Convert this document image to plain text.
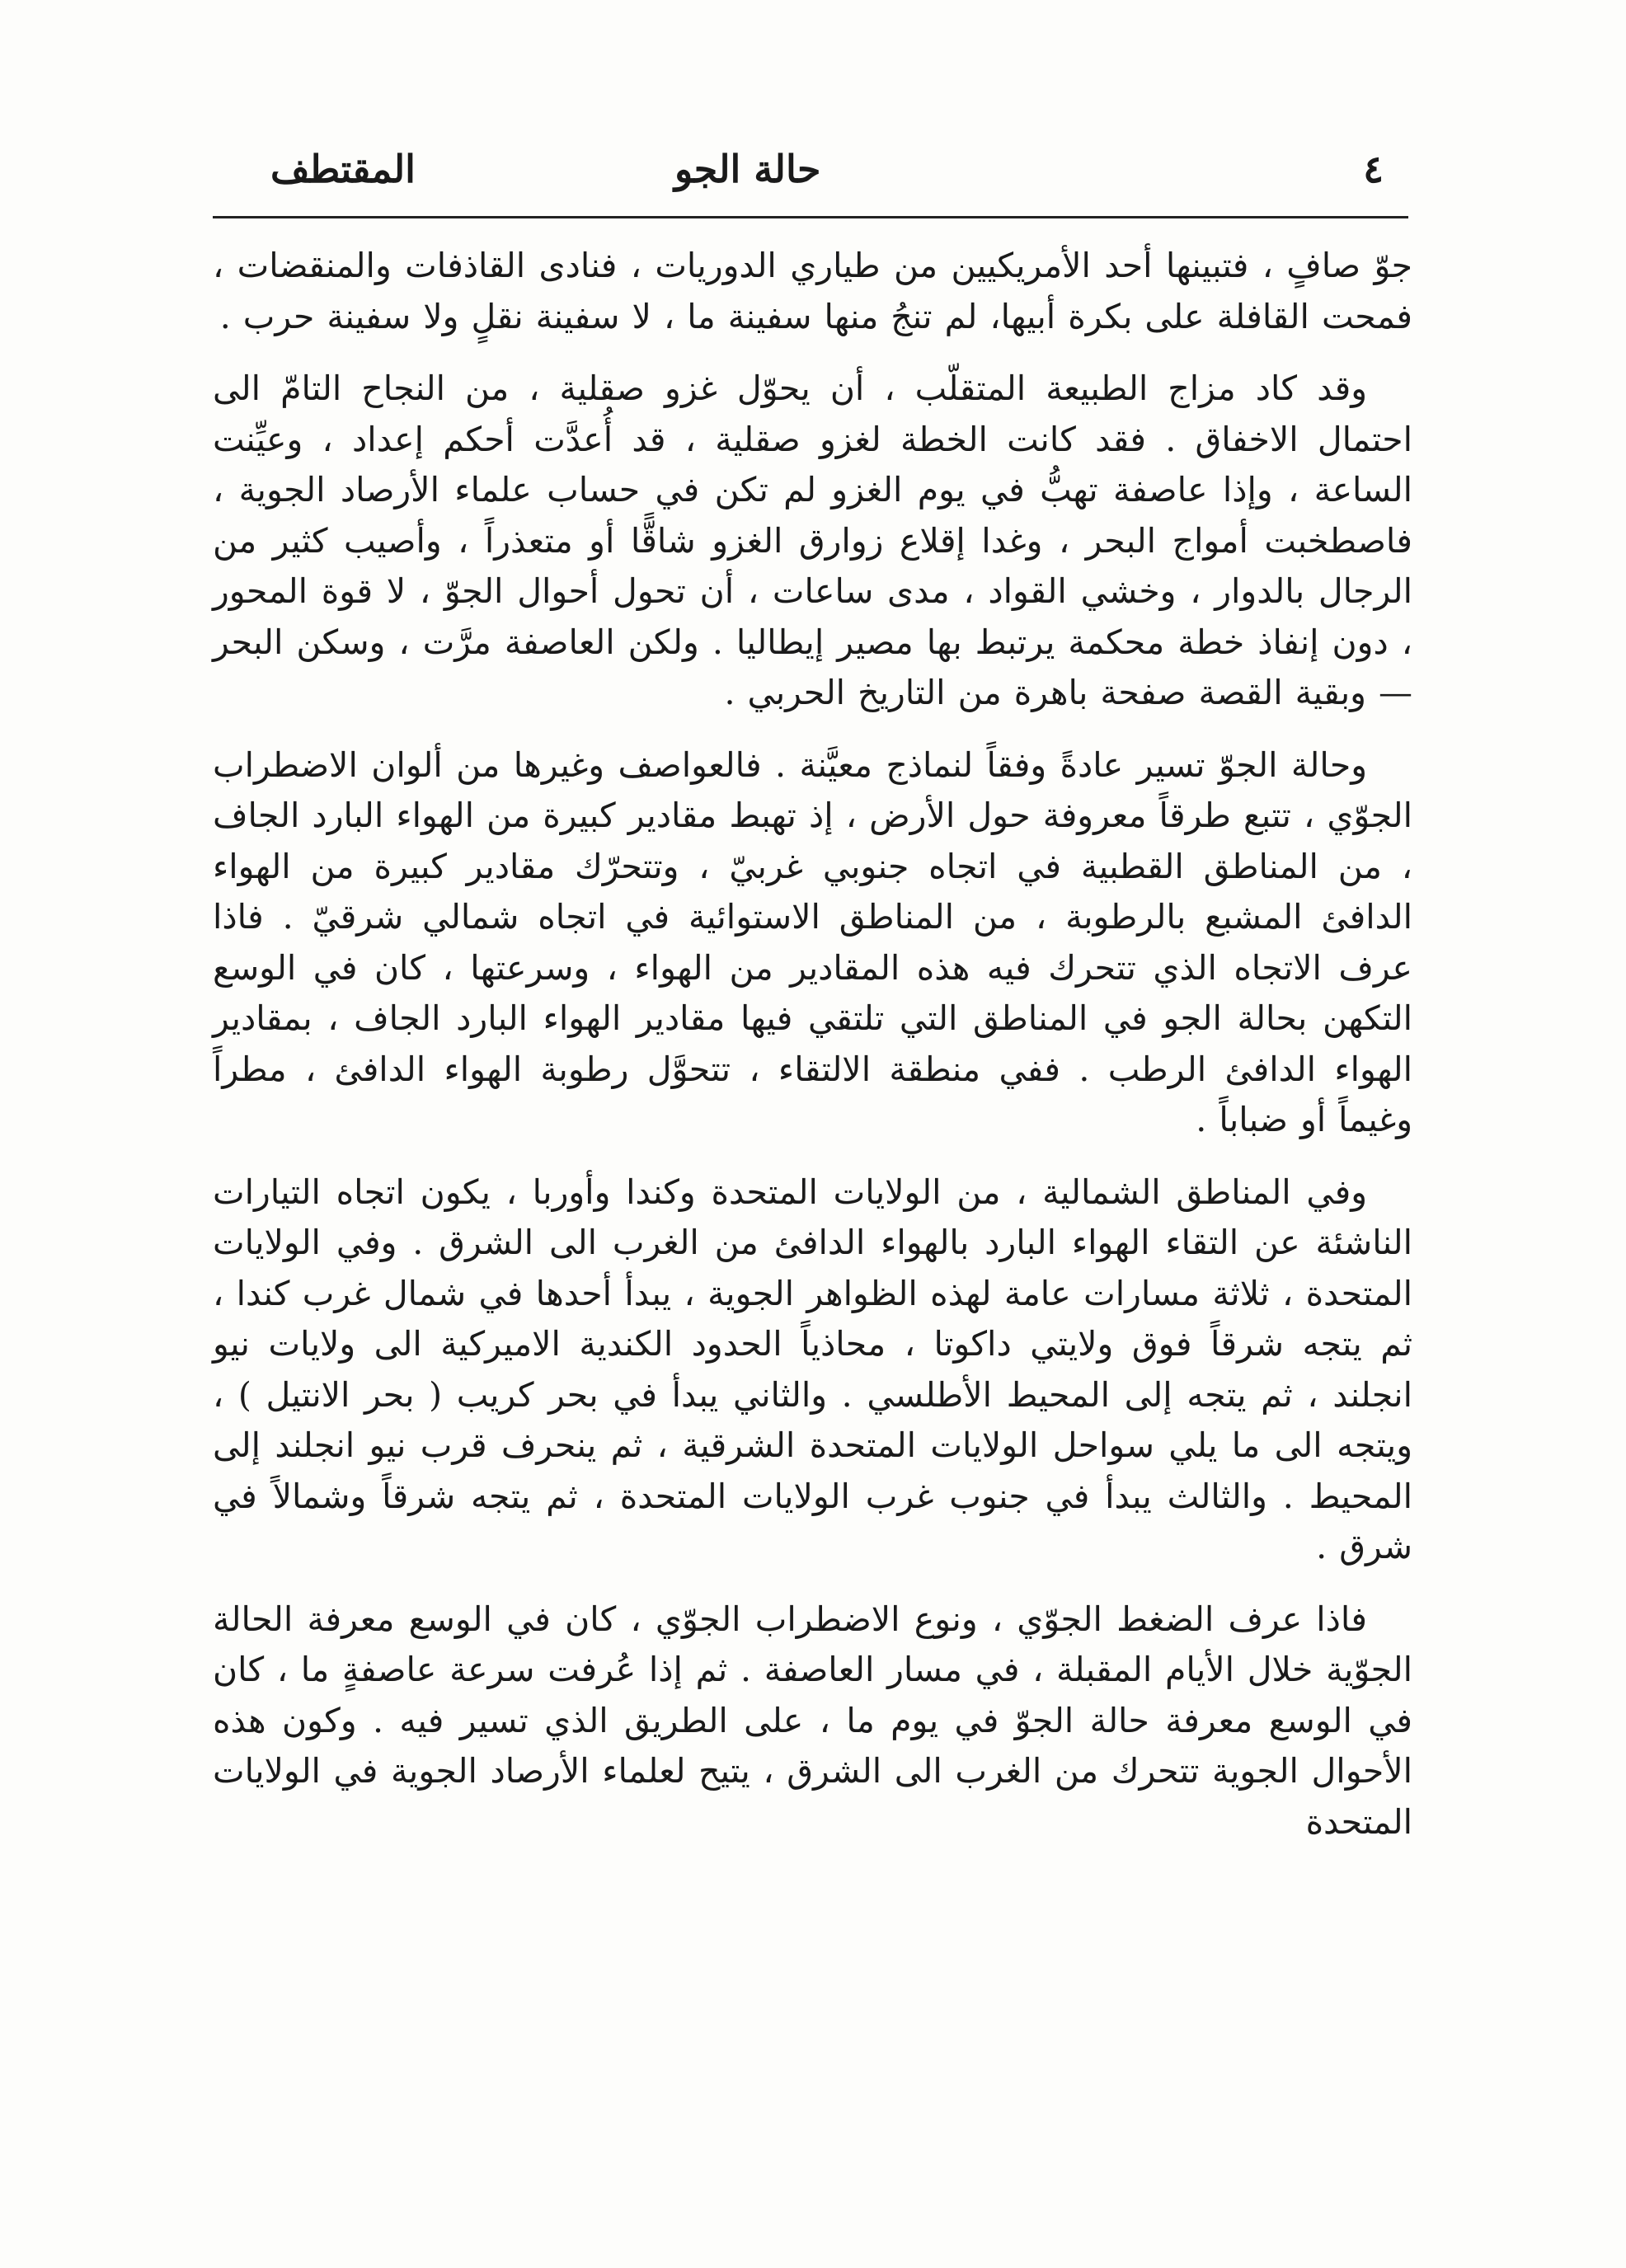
٤
حالة الجو
المقتطف

جوّ صافٍ ، فتبينها أحد الأمريكيين من طياري الدوريات ، فنادى القاذفات والمنقضات ، فمحت القافلة على بكرة أبيها، لم تنجُ منها سفينة ما ، لا سفينة نقلٍ ولا سفينة حرب .

وقد كاد مزاج الطبيعة المتقلّب ، أن يحوّل غزو صقلية ، من النجاح التامّ الى احتمال الاخفاق . فقد كانت الخطة لغزو صقلية ، قد أُعدَّت أحكم إعداد ، وعيِّنت الساعة ، وإذا عاصفة تهبُّ في يوم الغزو لم تكن في حساب علماء الأرصاد الجوية ، فاصطخبت أمواج البحر ، وغدا إقلاع زوارق الغزو شاقًّا أو متعذراً ، وأصيب كثير من الرجال بالدوار ، وخشي القواد ، مدى ساعات ، أن تحول أحوال الجوّ ، لا قوة المحور ، دون إنفاذ خطة محكمة يرتبط بها مصير إيطاليا . ولكن العاصفة مرَّت ، وسكن البحر — وبقية القصة صفحة باهرة من التاريخ الحربي .

وحالة الجوّ تسير عادةً وفقاً لنماذج معيَّنة . فالعواصف وغيرها من ألوان الاضطراب الجوّي ، تتبع طرقاً معروفة حول الأرض ، إذ تهبط مقادير كبيرة من الهواء البارد الجاف ، من المناطق القطبية في اتجاه جنوبي غربيّ ، وتتحرّك مقادير كبيرة من الهواء الدافئ المشبع بالرطوبة ، من المناطق الاستوائية في اتجاه شمالي شرقيّ . فاذا عرف الاتجاه الذي تتحرك فيه هذه المقادير من الهواء ، وسرعتها ، كان في الوسع التكهن بحالة الجو في المناطق التي تلتقي فيها مقادير الهواء البارد الجاف ، بمقادير الهواء الدافئ الرطب . ففي منطقة الالتقاء ، تتحوَّل رطوبة الهواء الدافئ ، مطراً وغيماً أو ضباباً .

وفي المناطق الشمالية ، من الولايات المتحدة وكندا وأوربا ، يكون اتجاه التيارات الناشئة عن التقاء الهواء البارد بالهواء الدافئ من الغرب الى الشرق . وفي الولايات المتحدة ، ثلاثة مسارات عامة لهذه الظواهر الجوية ، يبدأ أحدها في شمال غرب كندا ، ثم يتجه شرقاً فوق ولايتي داكوتا ، محاذياً الحدود الكندية الاميركية الى ولايات نيو انجلند ، ثم يتجه إلى المحيط الأطلسي . والثاني يبدأ في بحر كريب ( بحر الانتيل ) ، ويتجه الى ما يلي سواحل الولايات المتحدة الشرقية ، ثم ينحرف قرب نيو انجلند إلى المحيط . والثالث يبدأ في جنوب غرب الولايات المتحدة ، ثم يتجه شرقاً وشمالاً في شرق .

فاذا عرف الضغط الجوّي ، ونوع الاضطراب الجوّي ، كان في الوسع معرفة الحالة الجوّية خلال الأيام المقبلة ، في مسار العاصفة . ثم إذا عُرفت سرعة عاصفةٍ ما ، كان في الوسع معرفة حالة الجوّ في يوم ما ، على الطريق الذي تسير فيه . وكون هذه الأحوال الجوية تتحرك من الغرب الى الشرق ، يتيح لعلماء الأرصاد الجوية في الولايات المتحدة
